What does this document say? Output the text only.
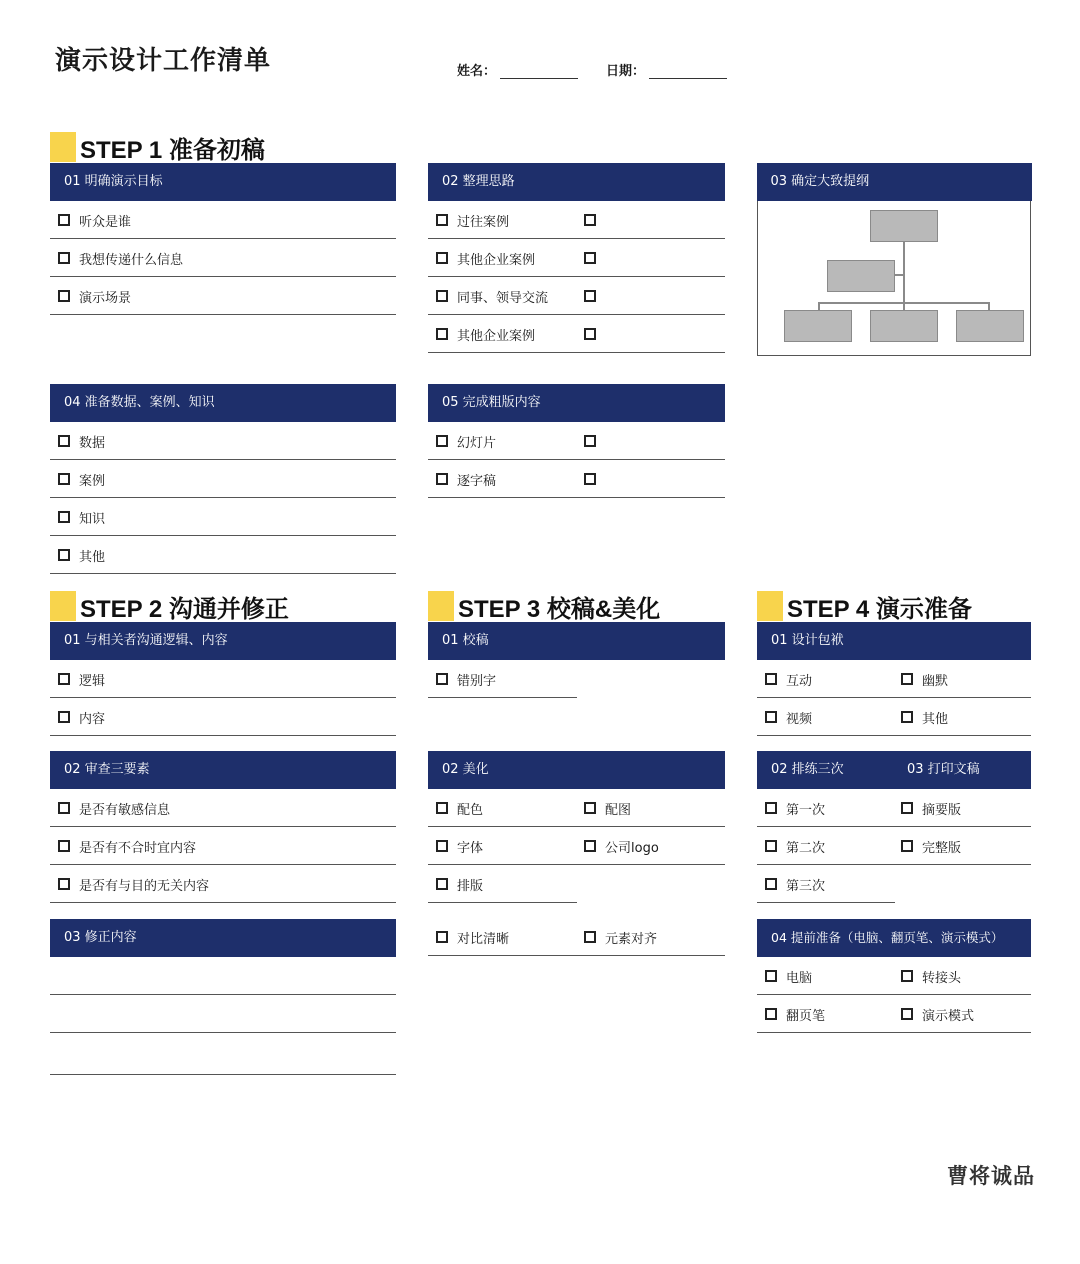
演示设计工作清单	姓名：	日期：
STEP 1 准备初稿
01 明确演示目标
听众是谁
我想传递什么信息
演示场景
02 整理思路
过往案例
其他企业案例
同事、领导交流
其他企业案例
03 确定大致提纲
04 准备数据、案例、知识
数据
案例
知识
其他
05 完成粗版内容
幻灯片
逐字稿
STEP 2 沟通并修正	STEP 3 校稿&美化	STEP 4 演示准备
01 与相关者沟通逻辑、内容
逻辑
内容
02 审查三要素
是否有敏感信息
是否有不合时宜内容
是否有与目的无关内容
03 修正内容
01 校稿
错别字
02 美化
配色	配图
字体	公司logo
排版
对比清晰	元素对齐
01 设计包袱
互动	幽默
视频	其他
02 排练三次	03 打印文稿
第一次	摘要版
第二次	完整版
第三次
04 提前准备（电脑、翻页笔、演示模式）
电脑	转接头
翻页笔	演示模式
曹将诚品
